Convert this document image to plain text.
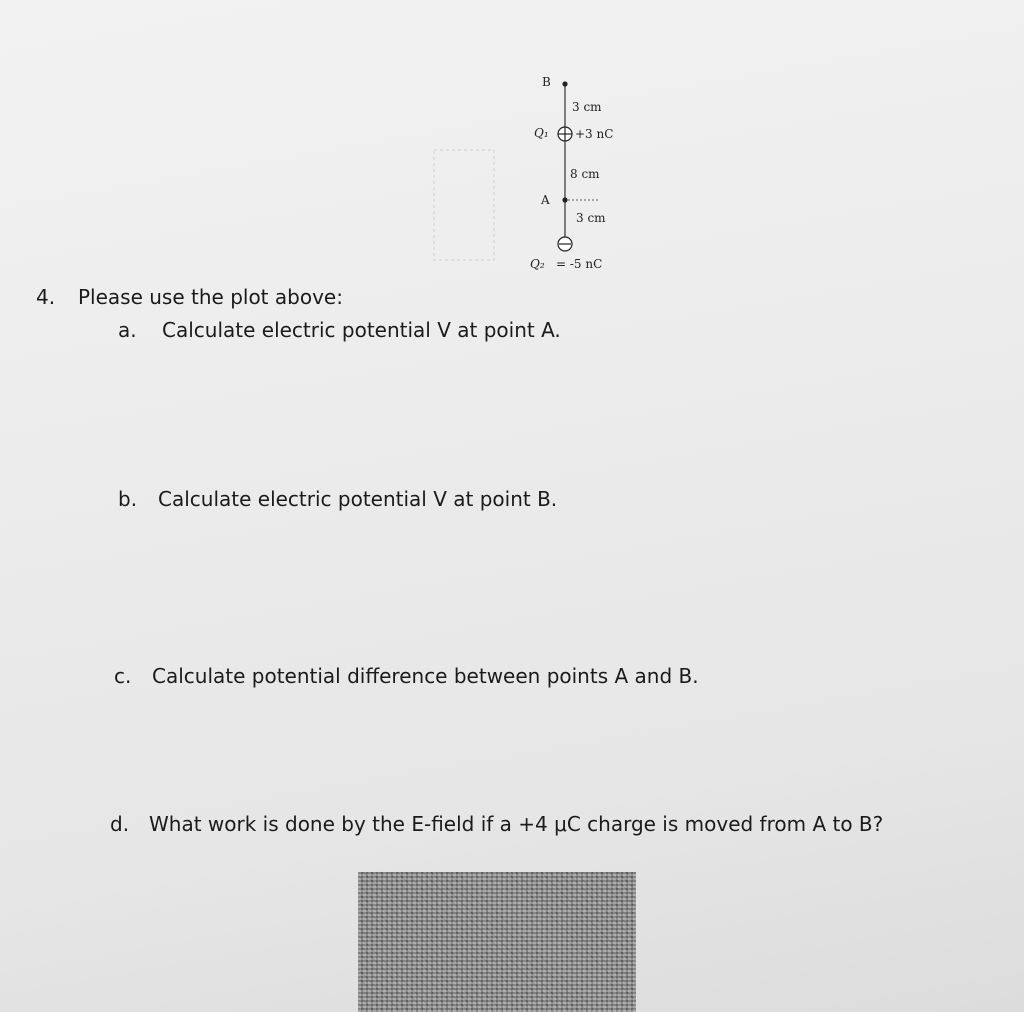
B
3 cm
Q₁ +3 nC
8 cm
A
3 cm
Q₂ = -5 nC
4. Please use the plot above:
a. Calculate electric potential V at point A.
b. Calculate electric potential V at point B.
c. Calculate potential difference between points A and B.
d. What work is done by the E-field if a +4 μC charge is moved from A to B?
